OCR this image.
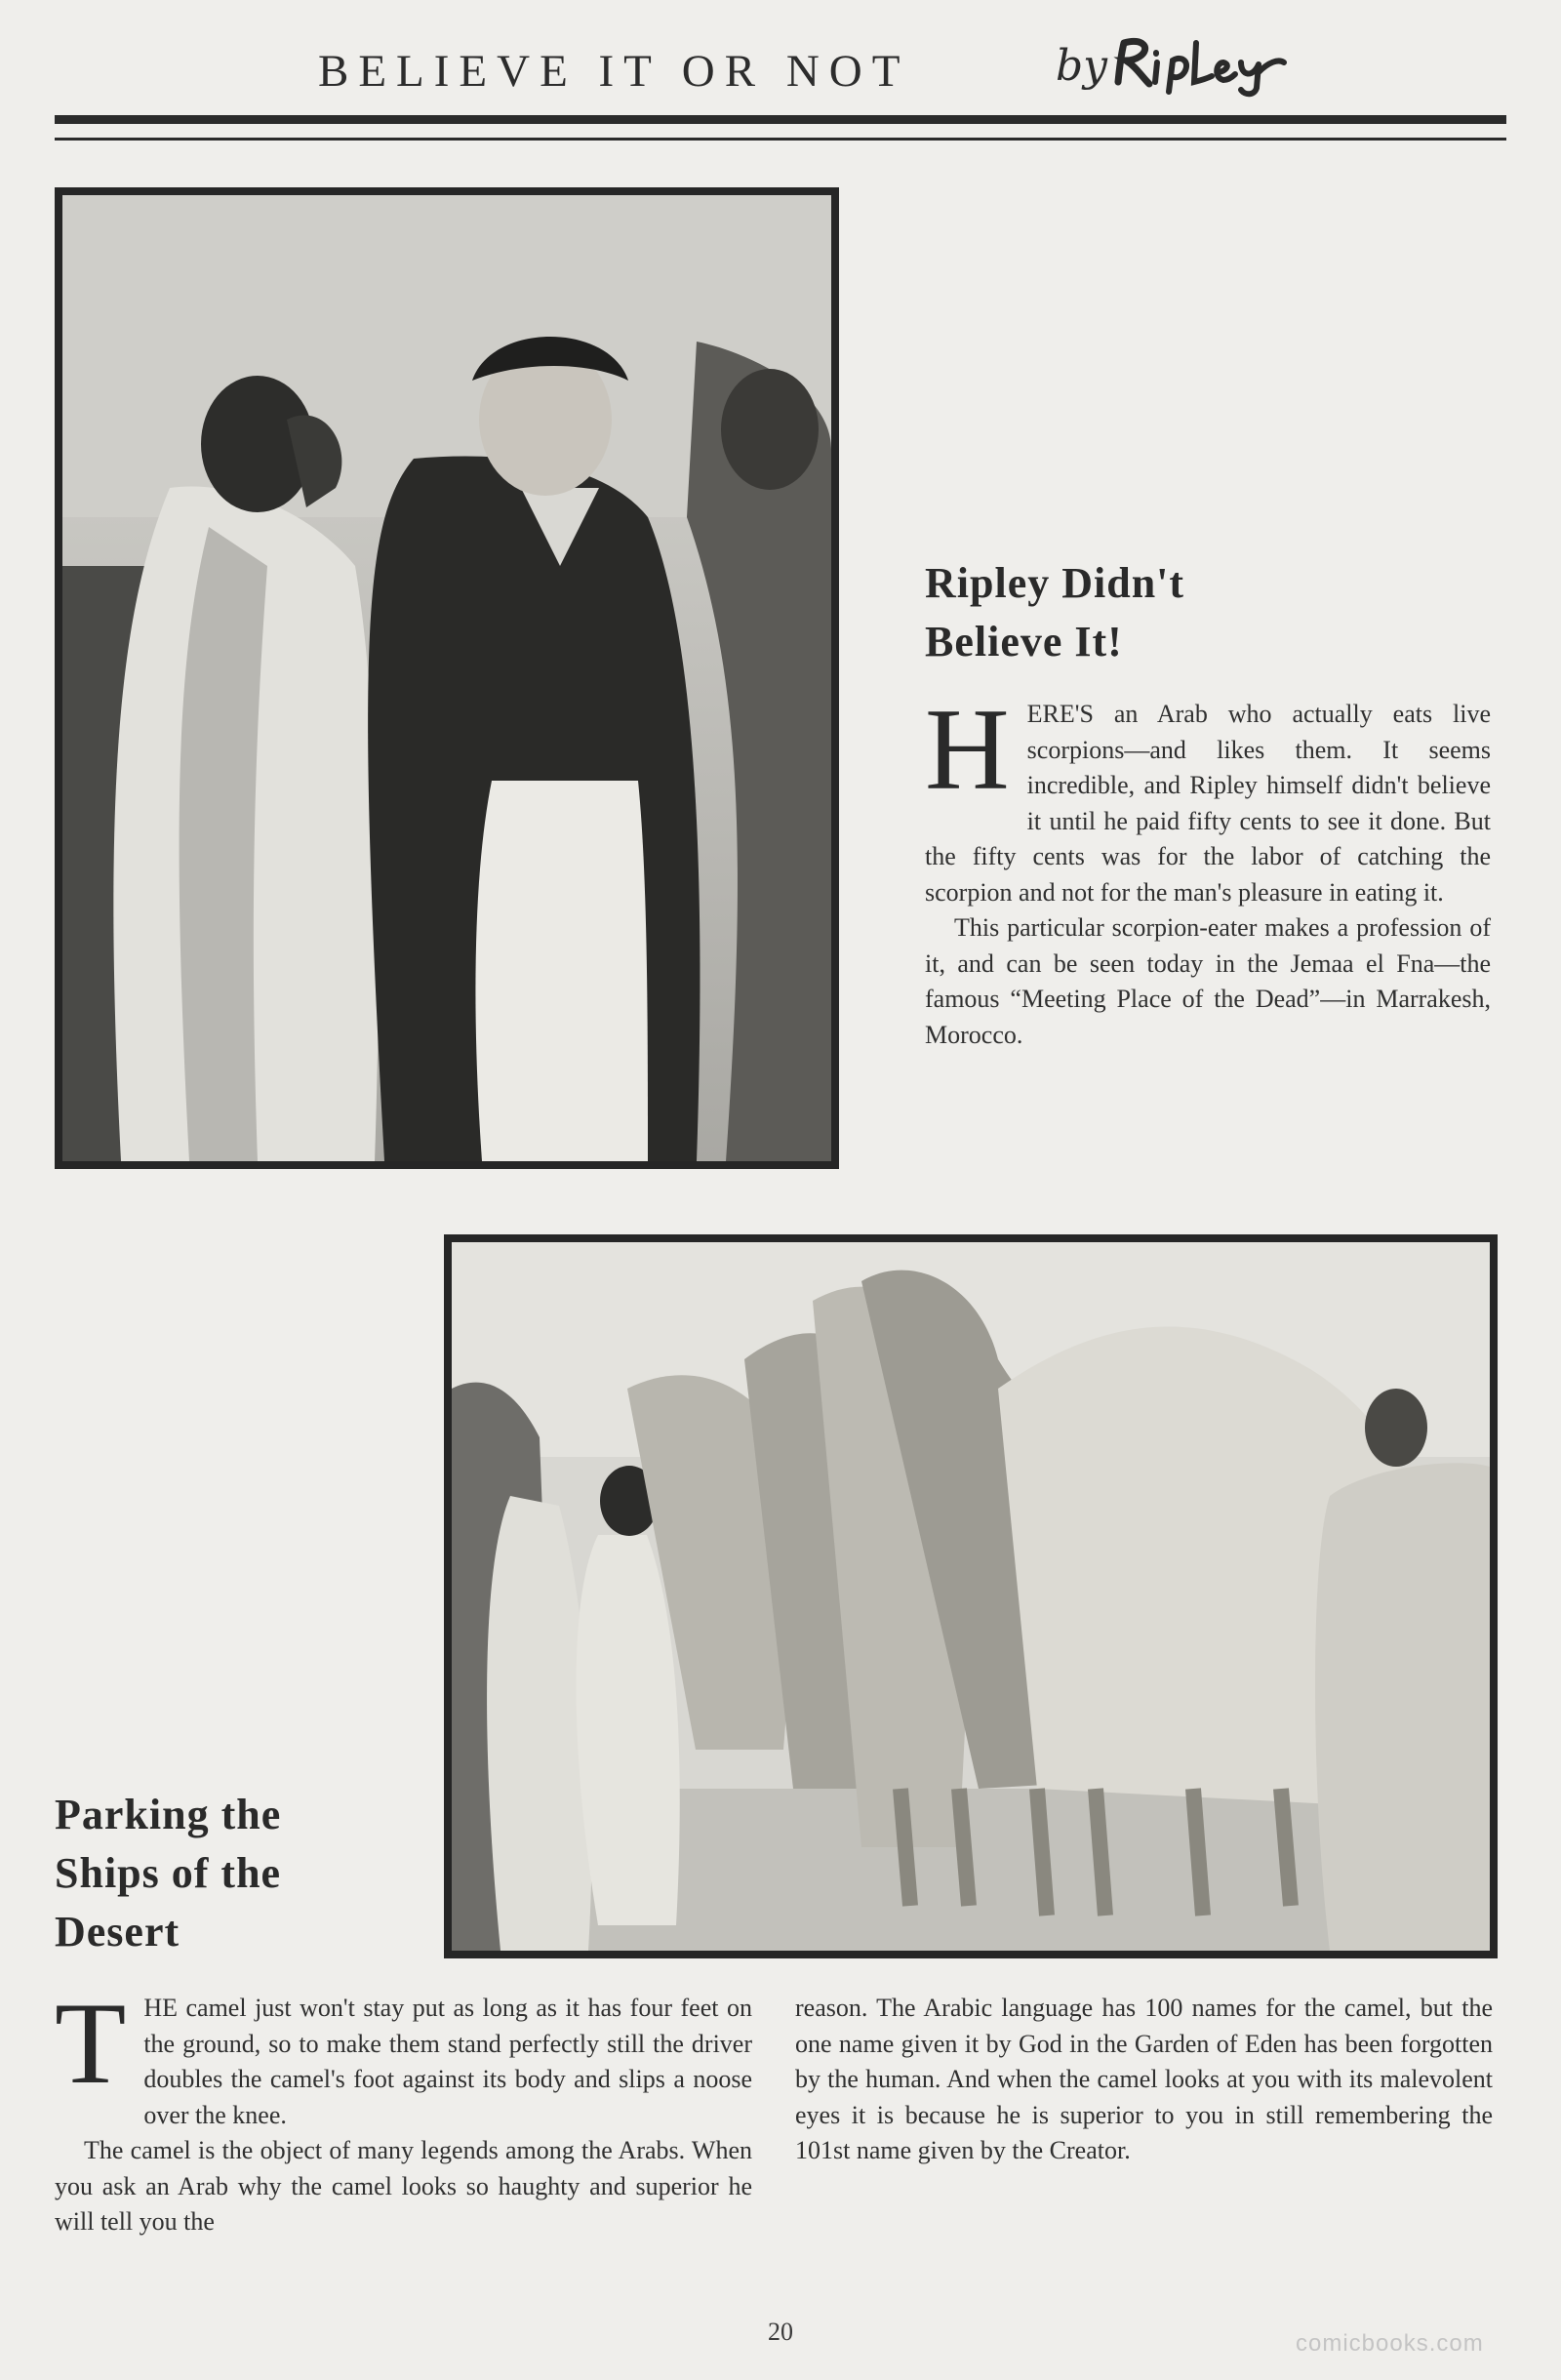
BELIEVE IT OR NOT	by
Ripley Didn't
Believe It!

HERE'S an Arab who actually eats live scorpions—and likes them. It seems incredible, and Ripley himself didn't believe it until he paid fifty cents to see it done. But the fifty cents was for the labor of catching the scorpion and not for the man's pleasure in eating it.

This particular scorpion-eater makes a profession of it, and can be seen today in the Jemaa el Fna—the famous “Meeting Place of the Dead”—in Marrakesh, Morocco.

Parking the
Ships of the
Desert

THE camel just won't stay put as long as it has four feet on the ground, so to make them stand perfectly still the driver doubles the camel's foot against its body and slips a noose over the knee.

The camel is the object of many legends among the Arabs. When you ask an Arab why the camel looks so haughty and superior he will tell you the

reason. The Arabic language has 100 names for the camel, but the one name given it by God in the Garden of Eden has been forgotten by the human. And when the camel looks at you with its malevolent eyes it is because he is superior to you in still remembering the 101st name given by the Creator.

20	comicbooks.com
